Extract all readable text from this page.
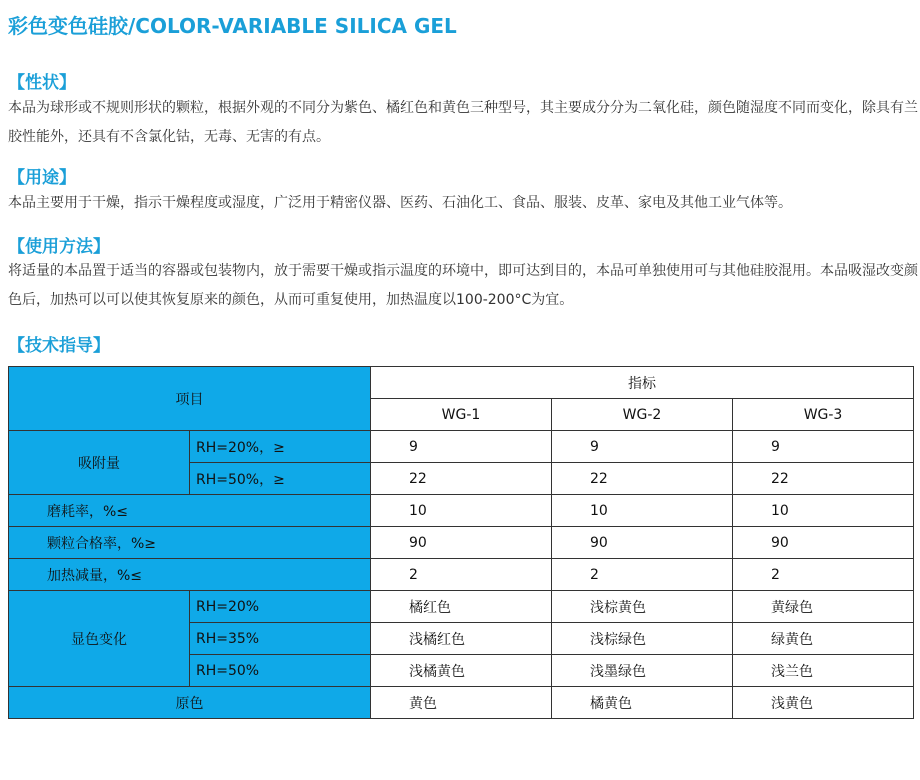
彩色变色硅胶/COLOR-VARIABLE SILICA GEL
【性状】
本品为球形或不规则形状的颗粒，根据外观的不同分为紫色、橘红色和黄色三种型号，其主要成分分为二氧化硅，颜色随湿度不同而变化，除具有兰胶性能外，还具有不含氯化钴，无毒、无害的有点。
【用途】
本品主要用于干燥，指示干燥程度或湿度，广泛用于精密仪器、医药、石油化工、食品、服装、皮革、家电及其他工业气体等。
【使用方法】
将适量的本品置于适当的容器或包装物内，放于需要干燥或指示温度的环境中，即可达到目的，本品可单独使用可与其他硅胶混用。本品吸湿改变颜色后，加热可以可以使其恢复原来的颜色，从而可重复使用，加热温度以100-200°C为宜。
【技术指导】
项目		指标		
		WG-1	WG-2	WG-3
吸附量	RH=20%，≥	9	9	9
	RH=50%，≥	22	22	22
磨耗率，%≤		10	10	10
颗粒合格率，%≥		90	90	90
加热减量，%≤		2	2	2
显色变化	RH=20%	橘红色	浅棕黄色	黄绿色
	RH=35%	浅橘红色	浅棕绿色	绿黄色
	RH=50%	浅橘黄色	浅墨绿色	浅兰色
原色		黄色	橘黄色	浅黄色
